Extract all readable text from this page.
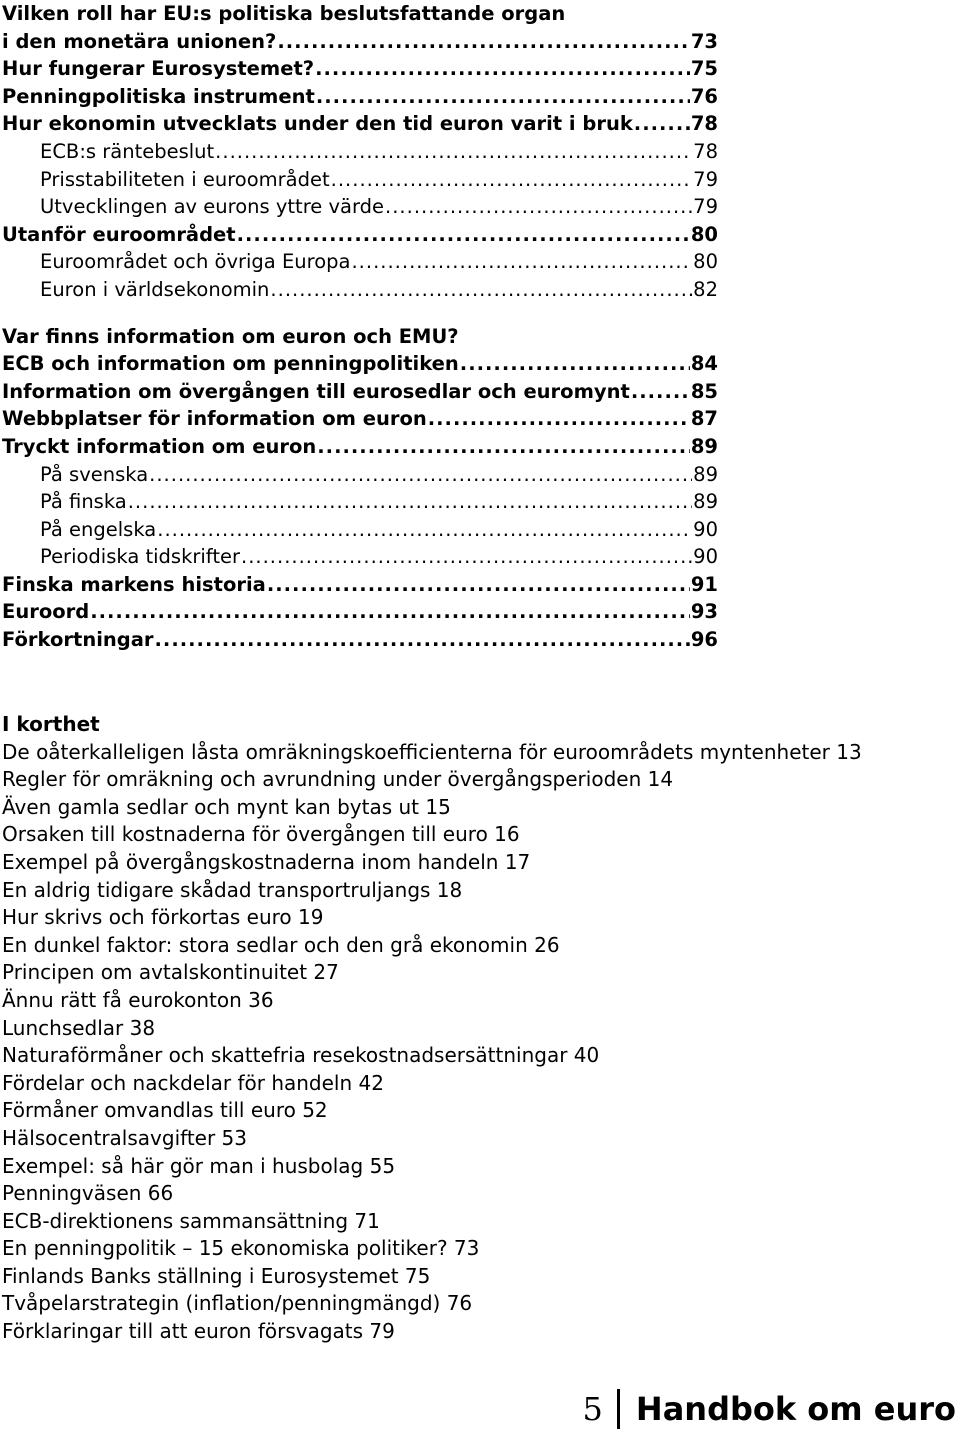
Vilken roll har EU:s politiska beslutsfattande organ
i den monetära unionen? .....	73
Hur fungerar Eurosystemet? .....	75
Penningpolitiska instrument .....	76
Hur ekonomin utvecklats under den tid euron varit i bruk .....	78
ECB:s räntebeslut .....	78
Prisstabiliteten i euroområdet .....	79
Utvecklingen av eurons yttre värde .....	79
Utanför euroområdet .....	80
Euroområdet och övriga Europa .....	80
Euron i världsekonomin .....	82
Var finns information om euron och EMU?
ECB och information om penningpolitiken .....	84
Information om övergången till eurosedlar och euromynt .....	85
Webbplatser för information om euron .....	87
Tryckt information om euron .....	89
På svenska .....	89
På finska .....	89
På engelska .....	90
Periodiska tidskrifter .....	90
Finska markens historia .....	91
Euroord .....	93
Förkortningar .....	96
I korthet
De oåterkalleligen låsta omräkningskoefficienterna för euroområdets myntenheter 13
Regler för omräkning och avrundning under övergångsperioden 14
Även gamla sedlar och mynt kan bytas ut 15
Orsaken till kostnaderna för övergången till euro 16
Exempel på övergångskostnaderna inom handeln 17
En aldrig tidigare skådad transportruljangs 18
Hur skrivs och förkortas euro 19
En dunkel faktor: stora sedlar och den grå ekonomin 26
Principen om avtalskontinuitet 27
Ännu rätt få eurokonton 36
Lunchsedlar 38
Naturaförmåner och skattefria resekostnadsersättningar 40
Fördelar och nackdelar för handeln 42
Förmåner omvandlas till euro 52
Hälsocentralsavgifter 53
Exempel: så här gör man i husbolag 55
Penningväsen 66
ECB-direktionens sammansättning 71
En penningpolitik – 15 ekonomiska politiker? 73
Finlands Banks ställning i Eurosystemet 75
Tvåpelarstrategin (inflation/penningmängd) 76
Förklaringar till att euron försvagats 79
5 Handbok om euro
